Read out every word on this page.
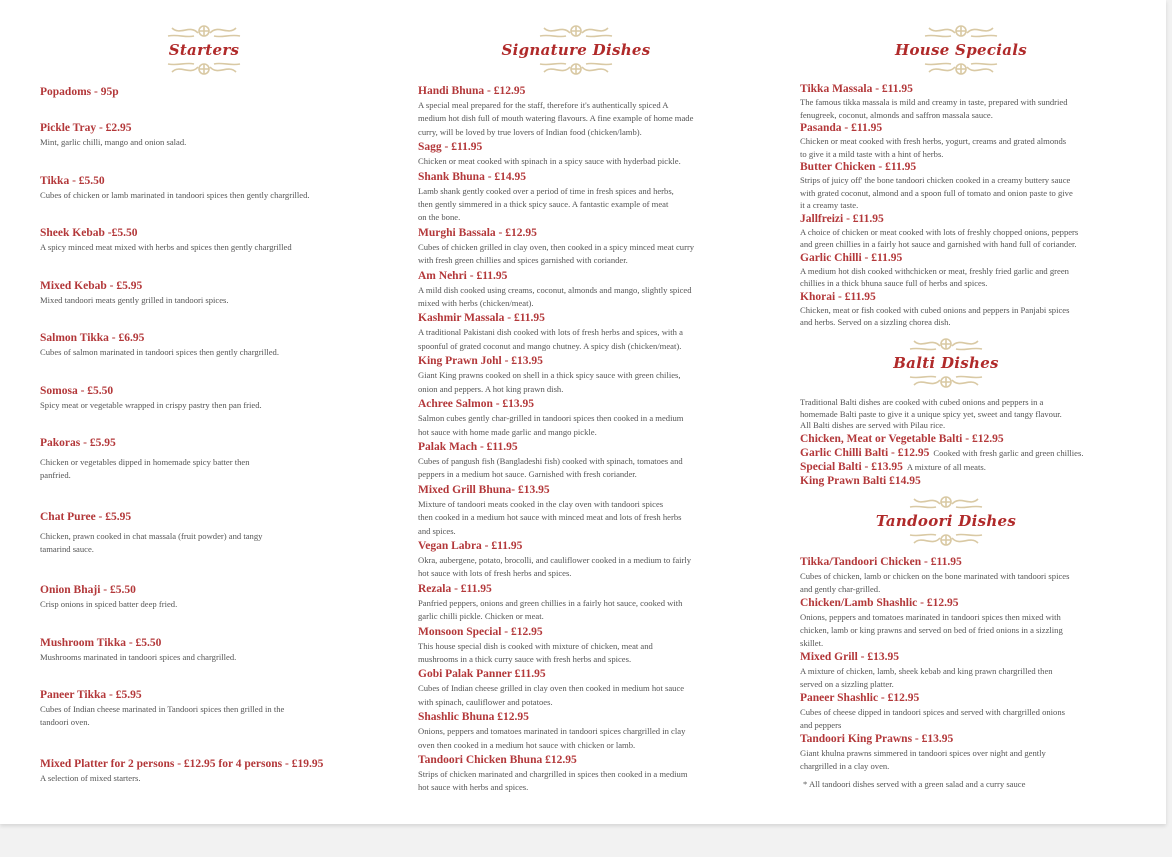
Starters	Signature Dishes	House Specials
Balti Dishes
Tandoori Dishes
Popadoms - 95p
Pickle Tray - £2.95
Mint, garlic chilli, mango and onion salad.
Tikka - £5.50
Cubes of chicken or lamb marinated in tandoori spices then gently chargrilled.
Sheek Kebab -£5.50
A spicy minced meat mixed with herbs and spices then gently chargrilled
Mixed Kebab - £5.95
Mixed tandoori meats gently grilled in tandoori spices.
Salmon Tikka - £6.95
Cubes of salmon marinated in tandoori spices then gently chargrilled.
Somosa - £5.50
Spicy meat or vegetable wrapped in crispy pastry then pan fried.
Pakoras - £5.95
Chicken or vegetables dipped in homemade spicy batter then
panfried.
Chat Puree - £5.95
Chicken, prawn cooked in chat massala (fruit powder) and tangy
tamarind sauce.
Onion Bhaji - £5.50
Crisp onions in spiced batter deep fried.
Mushroom Tikka - £5.50
Mushrooms marinated in tandoori spices and chargrilled.
Paneer Tikka - £5.95
Cubes of Indian cheese marinated in Tandoori spices then grilled in the
tandoori oven.
Mixed Platter for 2 persons - £12.95 for 4 persons - £19.95
A selection of mixed starters.
Handi Bhuna - £12.95
A special meal prepared for the staff, therefore it's authentically spiced A
medium hot dish full of mouth watering flavours. A fine example of home made
curry, will be loved by true lovers of Indian food (chicken/lamb).
Sagg - £11.95
Chicken or meat cooked with spinach in a spicy sauce with hyderbad pickle.
Shank Bhuna - £14.95
Lamb shank gently cooked over a period of time in fresh spices and herbs,
then gently simmered in a thick spicy sauce. A fantastic example of meat
on the bone.
Murghi Bassala - £12.95
Cubes of chicken grilled in clay oven, then cooked in a spicy minced meat curry
with fresh green chillies and spices garnished with coriander.
Am Nehri - £11.95
A mild dish cooked using creams, coconut, almonds and mango, slightly spiced
mixed with herbs (chicken/meat).
Kashmir Massala - £11.95
A traditional Pakistani dish cooked with lots of fresh herbs and spices, with a
spoonful of grated coconut and mango chutney. A spicy dish (chicken/meat).
King Prawn Johl - £13.95
Giant King prawns cooked on shell in a thick spicy sauce with green chilies,
onion and peppers. A hot king prawn dish.
Achree Salmon - £13.95
Salmon cubes gently char-grilled in tandoori spices then cooked in a medium
hot sauce with home made garlic and mango pickle.
Palak Mach - £11.95
Cubes of pangush fish (Bangladeshi fish) cooked with spinach, tomatoes and
peppers in a medium hot sauce. Garnished with fresh coriander.
Mixed Grill Bhuna- £13.95
Mixture of tandoori meats cooked in the clay oven with tandoori spices
then cooked in a medium hot sauce with minced meat and lots of fresh herbs
and spices.
Vegan Labra - £11.95
Okra, aubergene, potato, brocolli, and cauliflower cooked in a medium to fairly
hot sauce with lots of fresh herbs and spices.
Rezala - £11.95
Panfried peppers, onions and green chillies in a fairly hot sauce, cooked with
garlic chilli pickle. Chicken or meat.
Monsoon Special - £12.95
This house special dish is cooked with mixture of chicken, meat and
mushrooms in a thick curry sauce with fresh herbs and spices.
Gobi Palak Panner £11.95
Cubes of Indian cheese grilled in clay oven then cooked in medium hot sauce
with spinach, cauliflower and potatoes.
Shashlic Bhuna £12.95
Onions, peppers and tomatoes marinated in tandoori spices chargrilled in clay
oven then cooked in a medium hot sauce with chicken or lamb.
Tandoori Chicken Bhuna £12.95
Strips of chicken marinated and chargrilled in spices then cooked in a medium
hot sauce with herbs and spices.
Tikka Massala - £11.95
The famous tikka massala is mild and creamy in taste, prepared with sundried
fenugreek, coconut, almonds and saffron massala sauce.
Pasanda - £11.95
Chicken or meat cooked with fresh herbs, yogurt, creams and grated almonds
to give it a mild taste with a hint of herbs.
Butter Chicken - £11.95
Strips of juicy off' the bone tandoori chicken cooked in a creamy buttery sauce
with grated coconut, almond and a spoon full of tomato and onion paste to give
it a creamy taste.
Jallfreizi - £11.95
A choice of chicken or meat cooked with lots of freshly chopped onions, peppers
and green chillies in a fairly hot sauce and garnished with hand full of coriander.
Garlic Chilli - £11.95
A medium hot dish cooked withchicken or meat, freshly fried garlic and green
chillies in a thick bhuna sauce full of herbs and spices.
Khorai - £11.95
Chicken, meat or fish cooked with cubed onions and peppers in Panjabi spices
and herbs. Served on a sizzling chorea dish.
Traditional Balti dishes are cooked with cubed onions and peppers in a
homemade Balti paste to give it a unique spicy yet, sweet and tangy flavour.
All Balti dishes are served with Pilau rice.
Chicken, Meat or Vegetable Balti - £12.95
Garlic Chilli Balti - £12.95 Cooked with fresh garlic and green chillies.
Special Balti - £13.95 A mixture of all meats.
King Prawn Balti £14.95
Tikka/Tandoori Chicken - £11.95
Cubes of chicken, lamb or chicken on the bone marinated with tandoori spices
and gently char-grilled.
Chicken/Lamb Shashlic - £12.95
Onions, peppers and tomatoes marinated in tandoori spices then mixed with
chicken, lamb or king prawns and served on bed of fried onions in a sizzling
skillet.
Mixed Grill - £13.95
A mixture of chicken, lamb, sheek kebab and king prawn chargrilled then
served on a sizzling platter.
Paneer Shashlic - £12.95
Cubes of cheese dipped in tandoori spices and served with chargrilled onions
and peppers
Tandoori King Prawns - £13.95
Giant khulna prawns simmered in tandoori spices over night and gently
chargrilled in a clay oven.
* All tandoori dishes served with a green salad and a curry sauce
